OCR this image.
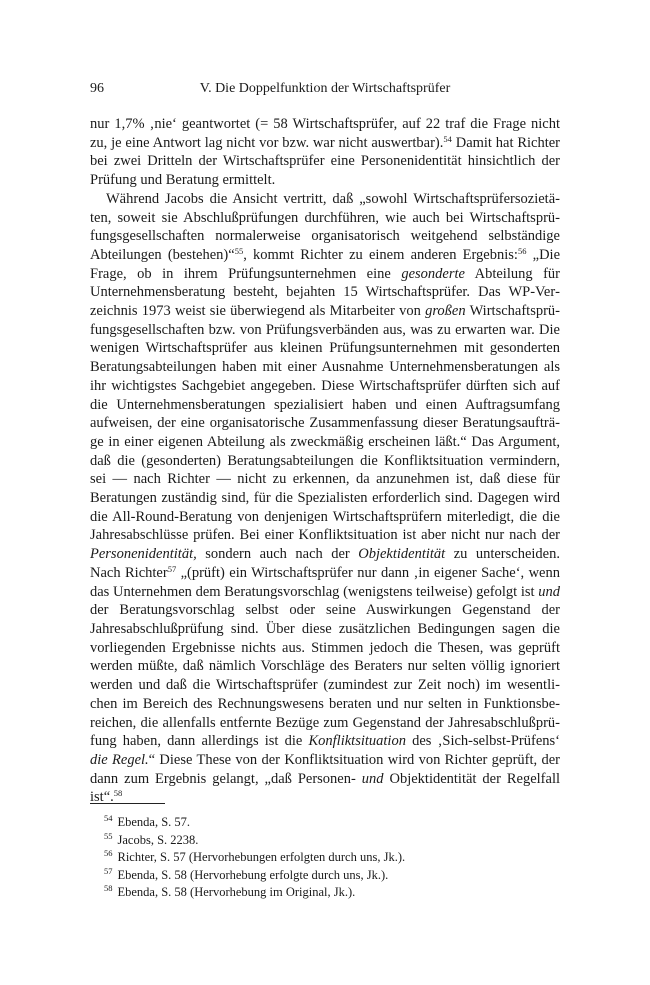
96	V. Die Doppelfunktion der Wirtschaftsprüfer

nur 1,7% ‚nie‘ geantwortet (= 58 Wirtschaftsprüfer, auf 22 traf die Frage nicht zu, je eine Antwort lag nicht vor bzw. war nicht auswertbar).$^{54}$ Damit hat Richter bei zwei Dritteln der Wirtschaftsprüfer eine Personenidentität hinsichtlich der Prüfung und Beratung ermittelt.

Während Jacobs die Ansicht vertritt, daß „sowohl Wirtschaftsprüfersozietäten, soweit sie Abschlußprüfungen durchführen, wie auch bei Wirtschaftsprüfungsgesellschaften normalerweise organisatorisch weitgehend selbständige Abteilungen (bestehen)“$^{55}$, kommt Richter zu einem anderen Ergebnis:$^{56}$ „Die Frage, ob in ihrem Prüfungsunternehmen eine gesonderte Abteilung für Unternehmensberatung besteht, bejahten 15 Wirtschaftsprüfer. Das WP-Verzeichnis 1973 weist sie überwiegend als Mitarbeiter von großen Wirtschaftsprüfungsgesellschaften bzw. von Prüfungsverbänden aus, was zu erwarten war. Die wenigen Wirtschaftsprüfer aus kleinen Prüfungsunternehmen mit gesonderten Beratungsabteilungen haben mit einer Ausnahme Unternehmensberatungen als ihr wichtigstes Sachgebiet angegeben. Diese Wirtschaftsprüfer dürften sich auf die Unternehmensberatungen spezialisiert haben und einen Auftragsumfang aufweisen, der eine organisatorische Zusammenfassung dieser Beratungsaufträge in einer eigenen Abteilung als zweckmäßig erscheinen läßt.“ Das Argument, daß die (gesonderten) Beratungsabteilungen die Konfliktsituation vermindern, sei — nach Richter — nicht zu erkennen, da anzunehmen ist, daß diese für Beratungen zuständig sind, für die Spezialisten erforderlich sind. Dagegen wird die All-Round-Beratung von denjenigen Wirtschaftsprüfern miterledigt, die die Jahresabschlüsse prüfen. Bei einer Konfliktsituation ist aber nicht nur nach der Personenidentität, sondern auch nach der Objektidentität zu unterscheiden. Nach Richter$^{57}$ „(prüft) ein Wirtschaftsprüfer nur dann ‚in eigener Sache‘, wenn das Unternehmen dem Beratungsvorschlag (wenigstens teilweise) gefolgt ist und der Beratungsvorschlag selbst oder seine Auswirkungen Gegenstand der Jahresabschlußprüfung sind. Über diese zusätzlichen Bedingungen sagen die vorliegenden Ergebnisse nichts aus. Stimmen jedoch die Thesen, was geprüft werden müßte, daß nämlich Vorschläge des Beraters nur selten völlig ignoriert werden und daß die Wirtschaftsprüfer (zumindest zur Zeit noch) im wesentlichen im Bereich des Rechnungswesens beraten und nur selten in Funktionsbereichen, die allenfalls entfernte Bezüge zum Gegenstand der Jahresabschlußprüfung haben, dann allerdings ist die Konfliktsituation des ‚Sich-selbst-Prüfens‘ die Regel.“ Diese These von der Konfliktsituation wird von Richter geprüft, der dann zum Ergebnis gelangt, „daß Personen- und Objektidentität der Regelfall ist“.$^{58}$

$^{54}$ Ebenda, S. 57.
$^{55}$ Jacobs, S. 2238.
$^{56}$ Richter, S. 57 (Hervorhebungen erfolgten durch uns, Jk.).
$^{57}$ Ebenda, S. 58 (Hervorhebung erfolgte durch uns, Jk.).
$^{58}$ Ebenda, S. 58 (Hervorhebung im Original, Jk.).
